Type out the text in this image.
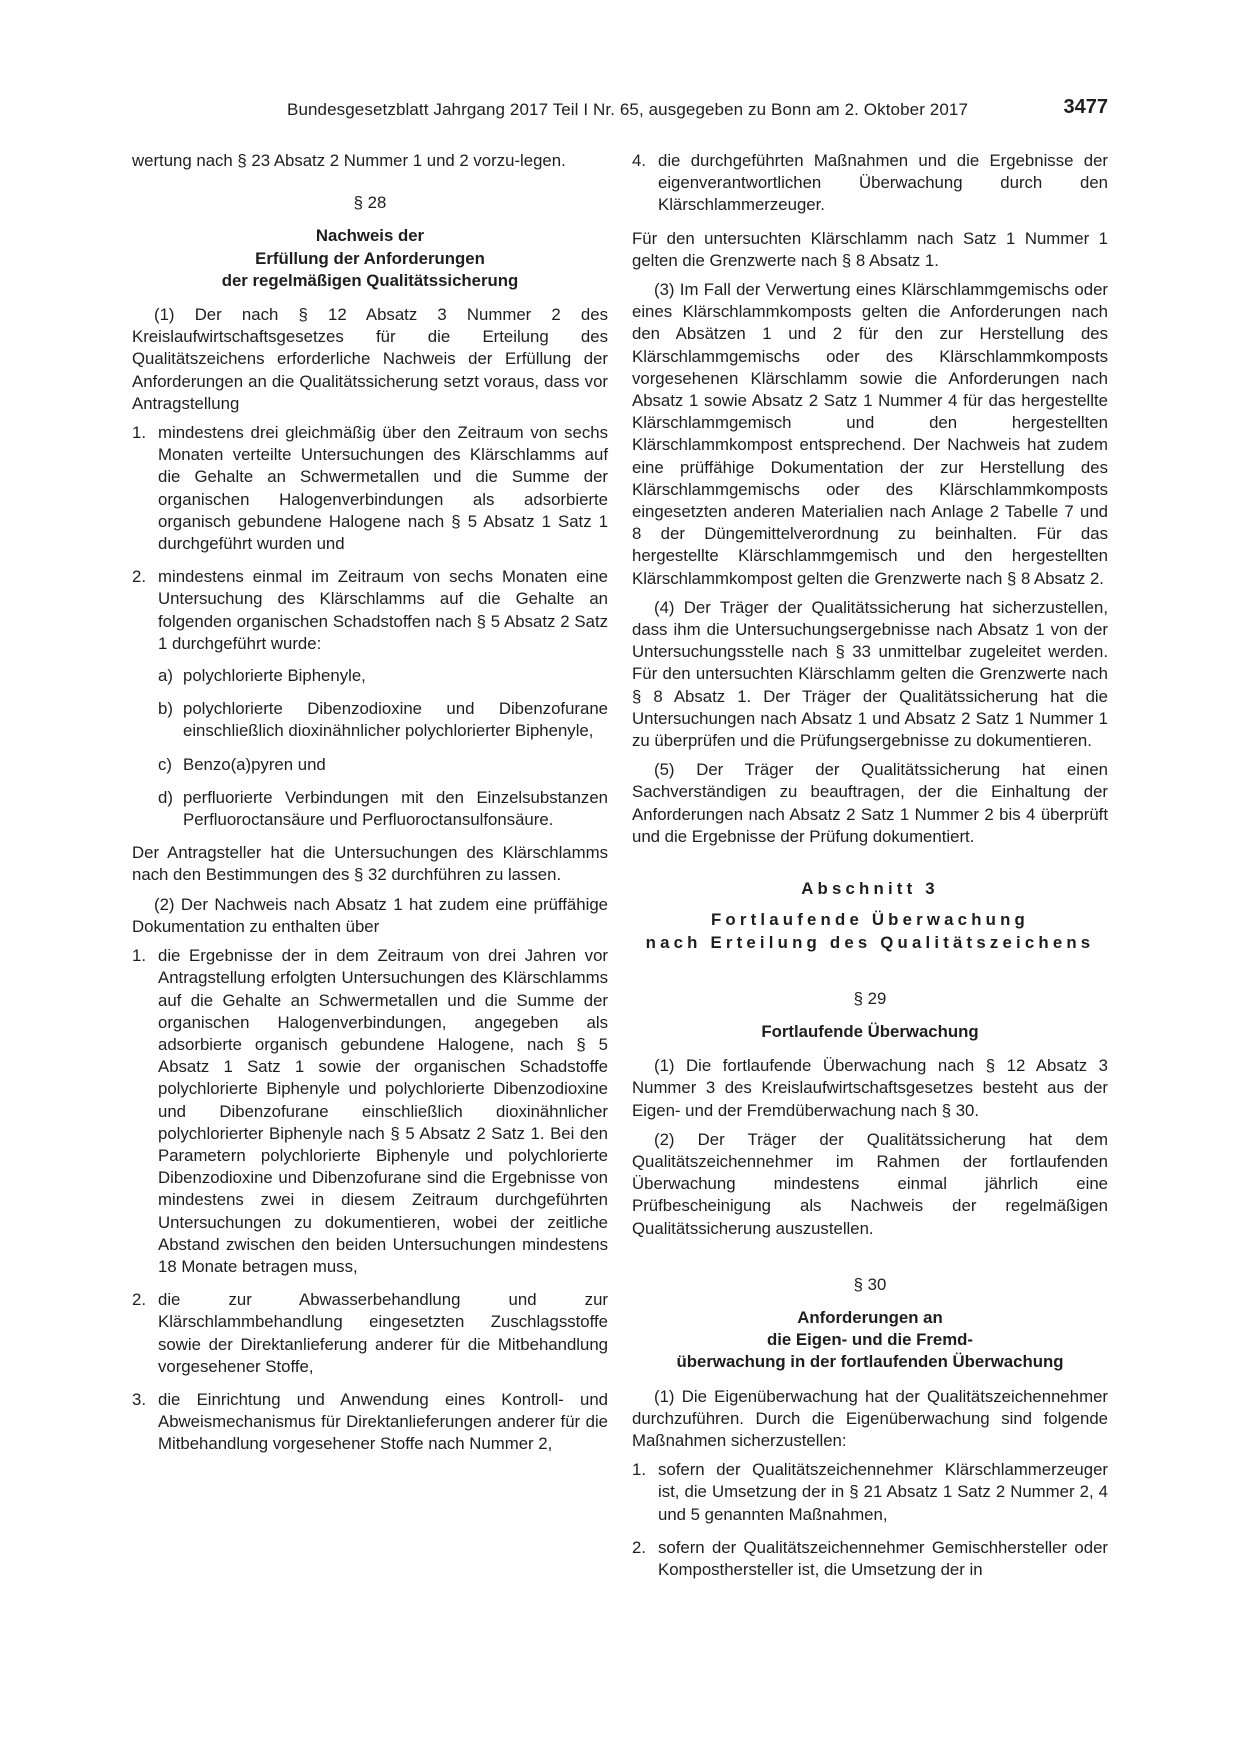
Bundesgesetzblatt Jahrgang 2017 Teil I Nr. 65, ausgegeben zu Bonn am 2. Oktober 2017	3477

wertung nach § 23 Absatz 2 Nummer 1 und 2 vorzu-legen.

§ 28
Nachweis der
Erfüllung der Anforderungen
der regelmäßigen Qualitätssicherung

(1) Der nach § 12 Absatz 3 Nummer 2 des Kreislaufwirtschaftsgesetzes für die Erteilung des Qualitätszeichens erforderliche Nachweis der Erfüllung der Anforderungen an die Qualitätssicherung setzt voraus, dass vor Antragstellung

1. mindestens drei gleichmäßig über den Zeitraum von sechs Monaten verteilte Untersuchungen des Klärschlamms auf die Gehalte an Schwermetallen und die Summe der organischen Halogenverbindungen als adsorbierte organisch gebundene Halogene nach § 5 Absatz 1 Satz 1 durchgeführt wurden und
2. mindestens einmal im Zeitraum von sechs Monaten eine Untersuchung des Klärschlamms auf die Gehalte an folgenden organischen Schadstoffen nach § 5 Absatz 2 Satz 1 durchgeführt wurde:
a) polychlorierte Biphenyle,
b) polychlorierte Dibenzodioxine und Dibenzofurane einschließlich dioxinähnlicher polychlorierter Biphenyle,
c) Benzo(a)pyren und
d) perfluorierte Verbindungen mit den Einzelsubstanzen Perfluoroctansäure und Perfluoroctansulfonsäure.

Der Antragsteller hat die Untersuchungen des Klärschlamms nach den Bestimmungen des § 32 durchführen zu lassen.

(2) Der Nachweis nach Absatz 1 hat zudem eine prüffähige Dokumentation zu enthalten über

1. die Ergebnisse der in dem Zeitraum von drei Jahren vor Antragstellung erfolgten Untersuchungen des Klärschlamms auf die Gehalte an Schwermetallen und die Summe der organischen Halogenverbindungen, angegeben als adsorbierte organisch gebundene Halogene, nach § 5 Absatz 1 Satz 1 sowie der organischen Schadstoffe polychlorierte Biphenyle und polychlorierte Dibenzodioxine und Dibenzofurane einschließlich dioxinähnlicher polychlorierter Biphenyle nach § 5 Absatz 2 Satz 1. Bei den Parametern polychlorierte Biphenyle und polychlorierte Dibenzodioxine und Dibenzofurane sind die Ergebnisse von mindestens zwei in diesem Zeitraum durchgeführten Untersuchungen zu dokumentieren, wobei der zeitliche Abstand zwischen den beiden Untersuchungen mindestens 18 Monate betragen muss,
2. die zur Abwasserbehandlung und zur Klärschlammbehandlung eingesetzten Zuschlagsstoffe sowie der Direktanlieferung anderer für die Mitbehandlung vorgesehener Stoffe,
3. die Einrichtung und Anwendung eines Kontroll- und Abweismechanismus für Direktanlieferungen anderer für die Mitbehandlung vorgesehener Stoffe nach Nummer 2,
4. die durchgeführten Maßnahmen und die Ergebnisse der eigenverantwortlichen Überwachung durch den Klärschlammerzeuger.

Für den untersuchten Klärschlamm nach Satz 1 Nummer 1 gelten die Grenzwerte nach § 8 Absatz 1.

(3) Im Fall der Verwertung eines Klärschlammgemischs oder eines Klärschlammkomposts gelten die Anforderungen nach den Absätzen 1 und 2 für den zur Herstellung des Klärschlammgemischs oder des Klärschlammkomposts vorgesehenen Klärschlamm sowie die Anforderungen nach Absatz 1 sowie Absatz 2 Satz 1 Nummer 4 für das hergestellte Klärschlammgemisch und den hergestellten Klärschlammkompost entsprechend. Der Nachweis hat zudem eine prüffähige Dokumentation der zur Herstellung des Klärschlammgemischs oder des Klärschlammkomposts eingesetzten anderen Materialien nach Anlage 2 Tabelle 7 und 8 der Düngemittelverordnung zu beinhalten. Für das hergestellte Klärschlammgemisch und den hergestellten Klärschlammkompost gelten die Grenzwerte nach § 8 Absatz 2.

(4) Der Träger der Qualitätssicherung hat sicherzustellen, dass ihm die Untersuchungsergebnisse nach Absatz 1 von der Untersuchungsstelle nach § 33 unmittelbar zugeleitet werden. Für den untersuchten Klärschlamm gelten die Grenzwerte nach § 8 Absatz 1. Der Träger der Qualitätssicherung hat die Untersuchungen nach Absatz 1 und Absatz 2 Satz 1 Nummer 1 zu überprüfen und die Prüfungsergebnisse zu dokumentieren.

(5) Der Träger der Qualitätssicherung hat einen Sachverständigen zu beauftragen, der die Einhaltung der Anforderungen nach Absatz 2 Satz 1 Nummer 2 bis 4 überprüft und die Ergebnisse der Prüfung dokumentiert.

Abschnitt 3
Fortlaufende Überwachung
nach Erteilung des Qualitätszeichens
§ 29
Fortlaufende Überwachung

(1) Die fortlaufende Überwachung nach § 12 Absatz 3 Nummer 3 des Kreislaufwirtschaftsgesetzes besteht aus der Eigen- und der Fremdüberwachung nach § 30.

(2) Der Träger der Qualitätssicherung hat dem Qualitätszeichennehmer im Rahmen der fortlaufenden Überwachung mindestens einmal jährlich eine Prüfbescheinigung als Nachweis der regelmäßigen Qualitätssicherung auszustellen.

§ 30
Anforderungen an
die Eigen- und die Fremd-
überwachung in der fortlaufenden Überwachung

(1) Die Eigenüberwachung hat der Qualitätszeichennehmer durchzuführen. Durch die Eigenüberwachung sind folgende Maßnahmen sicherzustellen:

1. sofern der Qualitätszeichennehmer Klärschlammerzeuger ist, die Umsetzung der in § 21 Absatz 1 Satz 2 Nummer 2, 4 und 5 genannten Maßnahmen,
2. sofern der Qualitätszeichennehmer Gemischhersteller oder Komposthersteller ist, die Umsetzung der in
